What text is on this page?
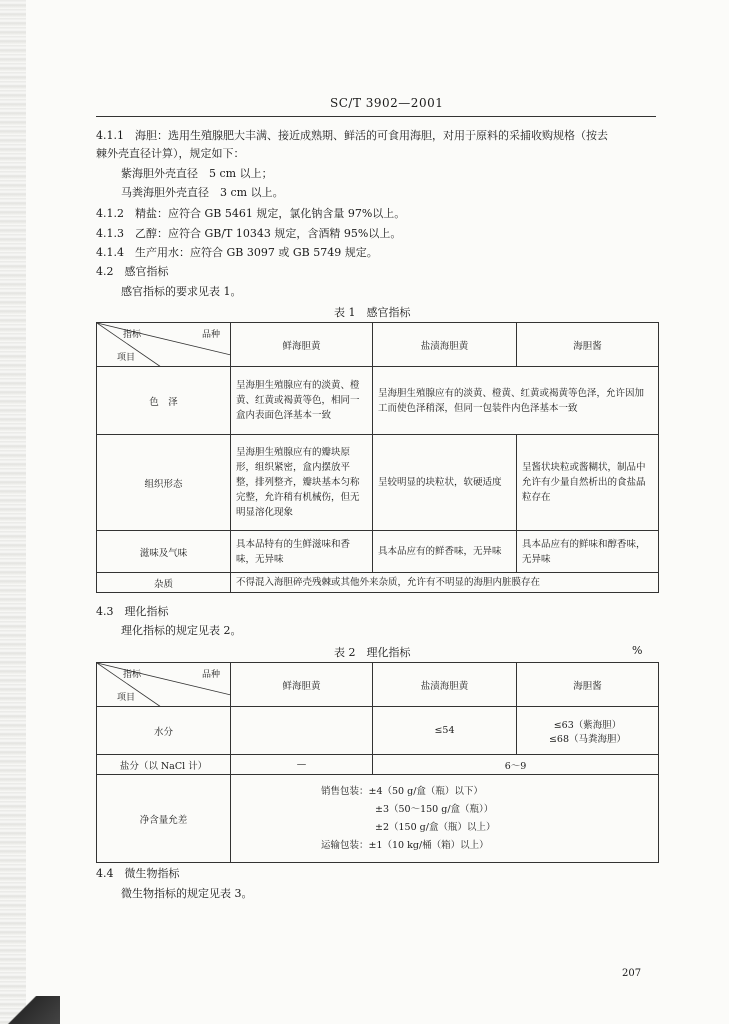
SC/T 3902—2001
4.1.1　海胆：选用生殖腺肥大丰满、接近成熟期、鲜活的可食用海胆，对用于原料的采捕收购规格（按去
棘外壳直径计算），规定如下：
紫海胆外壳直径　5 cm 以上；
马粪海胆外壳直径　3 cm 以上。
4.1.2　精盐：应符合 GB 5461 规定，氯化钠含量 97%以上。
4.1.3　乙醇：应符合 GB/T 10343 规定，含酒精 95%以上。
4.1.4　生产用水：应符合 GB 3097 或 GB 5749 规定。
4.2　感官指标
感官指标的要求见表 1。
表 1　感官指标
指标 品种
项目	鲜海胆黄	盐渍海胆黄	海胆酱
色　泽	呈海胆生殖腺应有的淡黄、橙黄、红黄或褐黄等色，相同一盒内表面色泽基本一致	呈海胆生殖腺应有的淡黄、橙黄、红黄或褐黄等色泽，允许因加工而使色泽稍深，但同一包装件内色泽基本一致	
组织形态	呈海胆生殖腺应有的瓣块原形，组织紧密，盒内摆放平整，排列整齐，瓣块基本匀称完整，允许稍有机械伤，但无明显溶化现象	呈较明显的块粒状，软硬适度	呈酱状块粒或酱糊状，制品中允许有少量自然析出的食盐晶粒存在
滋味及气味	具本品特有的生鲜滋味和香味，无异味	具本品应有的鲜香味，无异味	具本品应有的鲜味和醇香味，无异味
杂质	不得混入海胆碎壳残棘或其他外来杂质，允许有不明显的海胆内脏膜存在		
4.3　理化指标
理化指标的规定见表 2。
表 2　理化指标	%
指标 品种
项目	鲜海胆黄	盐渍海胆黄	海胆酱
水分		≤54	≤63（紫海胆）
≤68（马粪海胆）

盐分（以 NaCl 计）	—	6～9	
净含量允差	销售包装：±4（50 g/盒（瓶）以下）
±3（50～150 g/盒（瓶））
±2（150 g/盒（瓶）以上）
运输包装：±1（10 kg/桶（箱）以上）		
4.4　微生物指标
微生物指标的规定见表 3。
207
